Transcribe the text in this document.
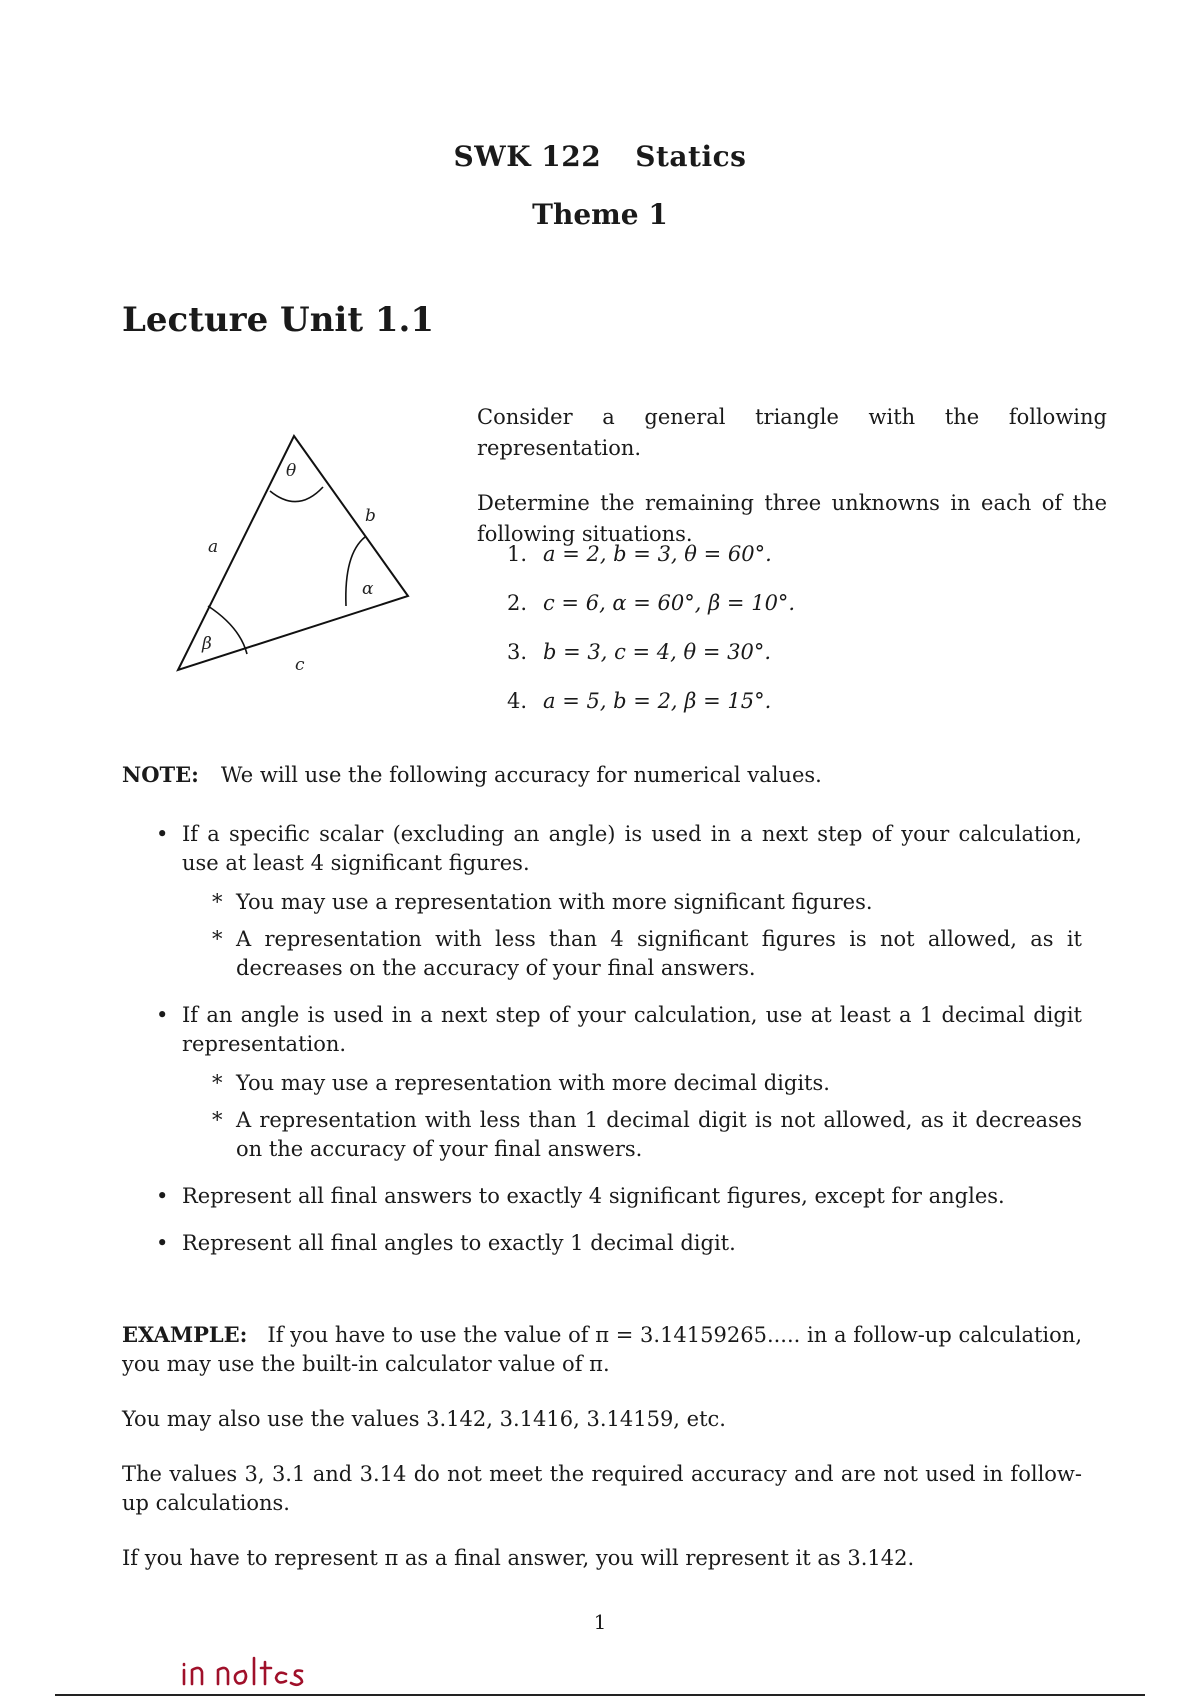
SWK 122 Statics
Theme 1
Lecture Unit 1.1
θ
α
β
a
b
c

Consider a general triangle with the following representation.

Determine the remaining three unknowns in each of the following situations.

1. a = 2, b = 3, θ = 60°.
2. c = 6, α = 60°, β = 10°.
3. b = 3, c = 4, θ = 30°.
4. a = 5, b = 2, β = 15°.
NOTE: We will use the following accuracy for numerical values.
• If a specific scalar (excluding an angle) is used in a next step of your calculation, use at least 4 significant figures.
* You may use a representation with more significant figures.
* A representation with less than 4 significant figures is not allowed, as it decreases on the accuracy of your final answers.
• If an angle is used in a next step of your calculation, use at least a 1 decimal digit representation.
* You may use a representation with more decimal digits.
* A representation with less than 1 decimal digit is not allowed, as it decreases on the accuracy of your final answers.
• Represent all final answers to exactly 4 significant figures, except for angles.
• Represent all final angles to exactly 1 decimal digit.

EXAMPLE: If you have to use the value of π = 3.14159265..... in a follow-up calculation, you may use the built-in calculator value of π.

You may also use the values 3.142, 3.1416, 3.14159, etc.

The values 3, 3.1 and 3.14 do not meet the required accuracy and are not used in follow-up calculations.

If you have to represent π as a final answer, you will represent it as 3.142.

1
